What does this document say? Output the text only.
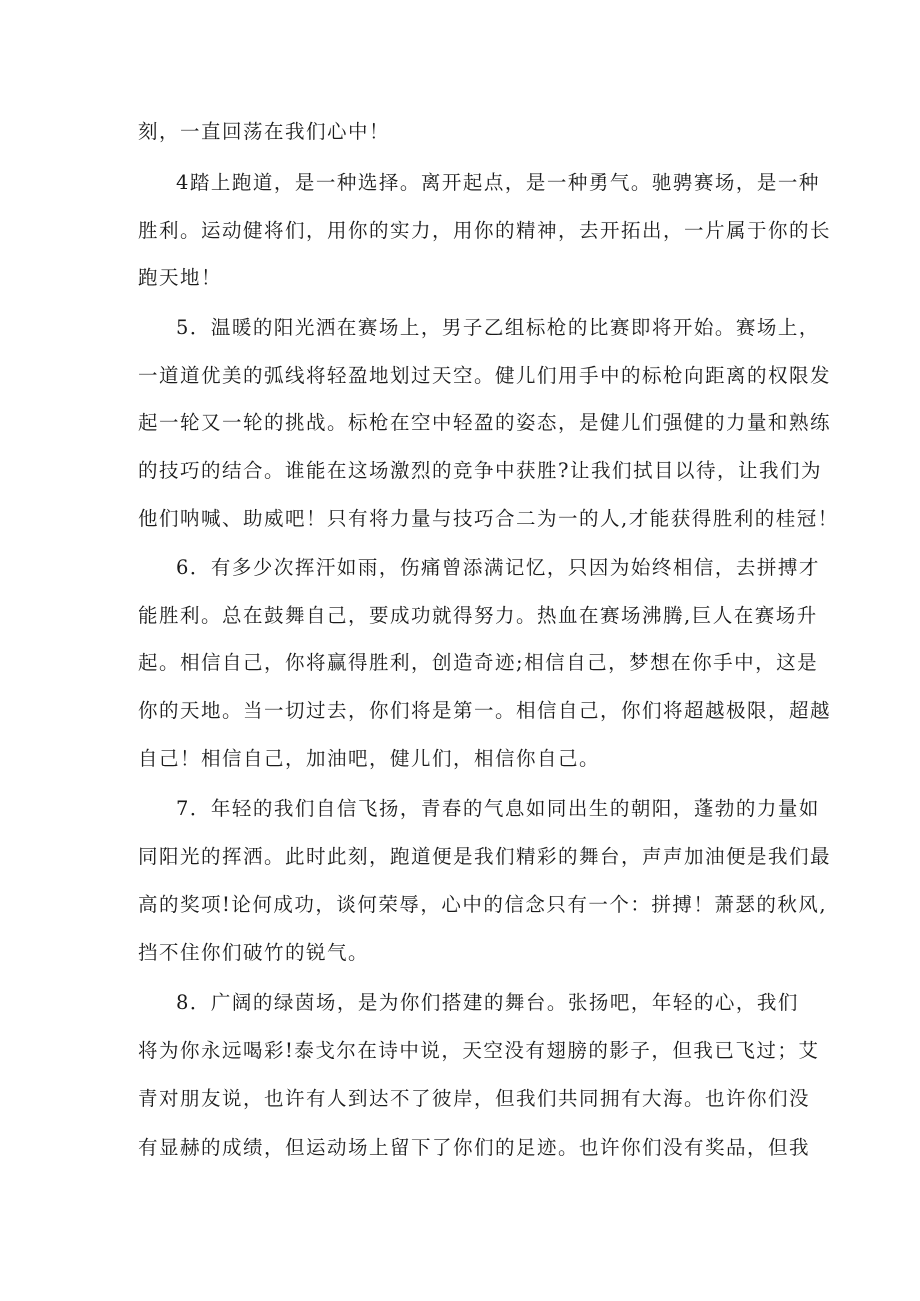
刻，一直回荡在我们心中！
4踏上跑道，是一种选择。离开起点，是一种勇气。驰骋赛场，是一种
胜利。运动健将们，用你的实力，用你的精神，去开拓出，一片属于你的长
跑天地！
5．温暖的阳光洒在赛场上，男子乙组标枪的比赛即将开始。赛场上，
一道道优美的弧线将轻盈地划过天空。健儿们用手中的标枪向距离的权限发
起一轮又一轮的挑战。标枪在空中轻盈的姿态，是健儿们强健的力量和熟练
的技巧的结合。谁能在这场激烈的竞争中获胜?让我们拭目以待，让我们为
他们呐喊、助威吧！只有将力量与技巧合二为一的人,才能获得胜利的桂冠！
6．有多少次挥汗如雨，伤痛曾添满记忆，只因为始终相信，去拼搏才
能胜利。总在鼓舞自己，要成功就得努力。热血在赛场沸腾,巨人在赛场升
起。相信自己，你将赢得胜利，创造奇迹;相信自己，梦想在你手中，这是
你的天地。当一切过去，你们将是第一。相信自己，你们将超越极限，超越
自己！相信自己，加油吧，健儿们，相信你自己。
7．年轻的我们自信飞扬，青春的气息如同出生的朝阳，蓬勃的力量如
同阳光的挥洒。此时此刻，跑道便是我们精彩的舞台，声声加油便是我们最
高的奖项!论何成功，谈何荣辱，心中的信念只有一个：拼搏！萧瑟的秋风,
挡不住你们破竹的锐气。
8．广阔的绿茵场，是为你们搭建的舞台。张扬吧，年轻的心，我们
将为你永远喝彩!泰戈尔在诗中说，天空没有翅膀的影子，但我已飞过；艾
青对朋友说，也许有人到达不了彼岸，但我们共同拥有大海。也许你们没
有显赫的成绩，但运动场上留下了你们的足迹。也许你们没有奖品，但我
